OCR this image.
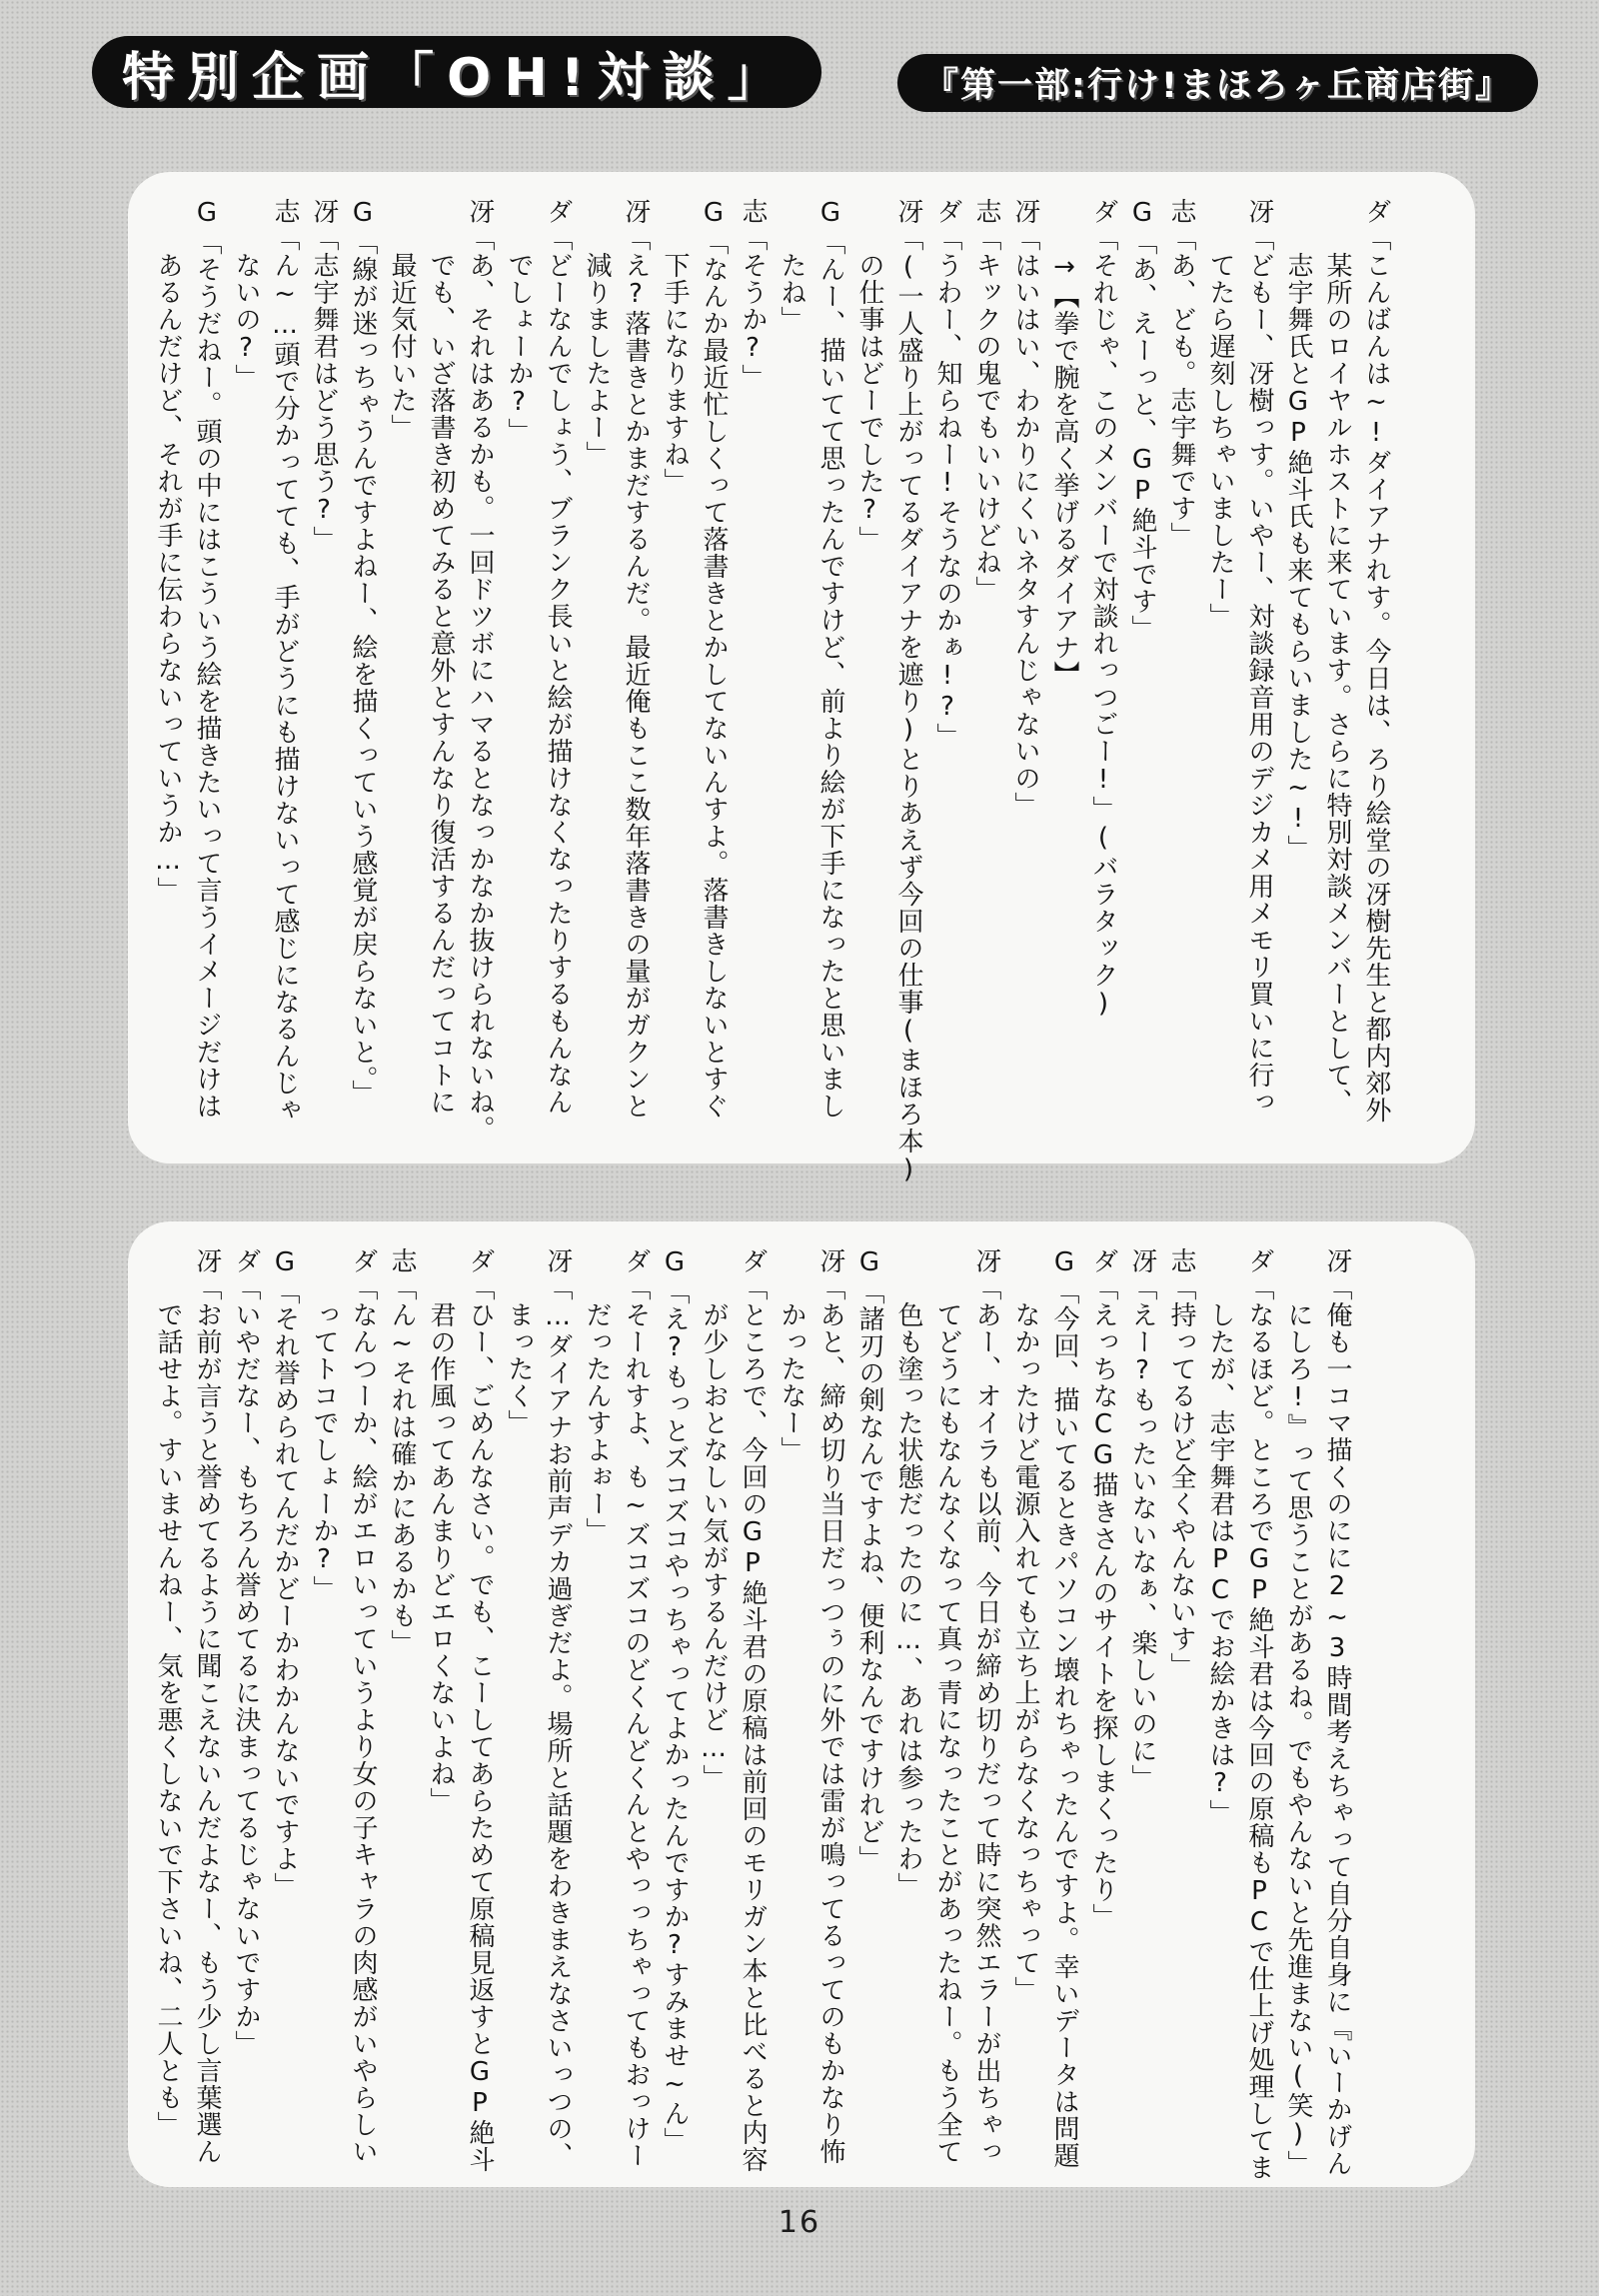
特別企画「OH!対談」	『第一部:行け!まほろヶ丘商店街』
ダ「こんばんは~!ダイアナれす。今日は、ろり絵堂の冴樹先生と都内郊外
某所のロイヤルホストに来ています。さらに特別対談メンバーとして、
志宇舞氏とGP絶斗氏も来てもらいました~!」
冴「どもー、冴樹っす。いやー、対談録音用のデジカメ用メモリ買いに行っ
てたら遅刻しちゃいましたー」
志「あ、ども。志宇舞です」
G「あ、えーっと、GP絶斗です」
ダ「それじゃ、このメンバーで対談れっつごー!」(バラタック)
→【拳で腕を高く挙げるダイアナ】
冴「はいはい、わかりにくいネタすんじゃないの」
志「キックの鬼でもいいけどね」
ダ「うわー、知らねー!そうなのかぁ!?」
冴「(一人盛り上がってるダイアナを遮り)とりあえず今回の仕事(まほろ本)
の仕事はどーでした?」
G「んー、描いてて思ったんですけど、前より絵が下手になったと思いまし
たね」
志「そうか?」
G「なんか最近忙しくって落書きとかしてないんすよ。落書きしないとすぐ
下手になりますね」
冴「え?落書きとかまだするんだ。最近俺もここ数年落書きの量がガクンと
減りましたよー」
ダ「どーなんでしょう、ブランク長いと絵が描けなくなったりするもんなん
でしょーか?」
冴「あ、それはあるかも。一回ドツボにハマるとなっかなか抜けられないね。
でも、いざ落書き初めてみると意外とすんなり復活するんだってコトに
最近気付いた」
G「線が迷っちゃうんですよねー、絵を描くっていう感覚が戻らないと。」
冴「志宇舞君はどう思う?」
志「ん~…頭で分かってても、手がどうにも描けないって感じになるんじゃ
ないの?」
G「そうだねー。頭の中にはこういう絵を描きたいって言うイメージだけは
あるんだけど、それが手に伝わらないっていうか…」
冴「俺も一コマ描くのにに2~3時間考えちゃって自分自身に『いーかげん
にしろ!』って思うことがあるね。でもやんないと先進まない(笑)」
ダ「なるほど。ところでGP絶斗君は今回の原稿もPCで仕上げ処理してま
したが、志宇舞君はPCでお絵かきは?」
志「持ってるけど全くやんないす」
冴「えー?もったいないなぁ、楽しいのに」
ダ「えっちなCG描きさんのサイトを探しまくったり」
G「今回、描いてるときパソコン壊れちゃったんですよ。幸いデータは問題
なかったけど電源入れても立ち上がらなくなっちゃって」
冴「あー、オイラも以前、今日が締め切りだって時に突然エラーが出ちゃっ
てどうにもなんなくなって真っ青になったことがあったねー。もう全て
色も塗った状態だったのに…、あれは参ったわ」
G「諸刃の剣なんですよね、便利なんですけれど」
冴「あと、締め切り当日だっつぅのに外では雷が鳴ってるってのもかなり怖
かったなー」
ダ「ところで、今回のGP絶斗君の原稿は前回のモリガン本と比べると内容
が少しおとなしい気がするんだけど…」
G「え?もっとズコズコやっちゃってよかったんですか?すみませ~ん」
ダ「そーれすよ、も~ズコズコのどくんどくんとやっっちゃってもおっけー
だったんすよぉー」
冴「…ダイアナお前声デカ過ぎだよ。場所と話題をわきまえなさいっつの、
まったく」
ダ「ひー、ごめんなさい。でも、こーしてあらためて原稿見返すとGP絶斗
君の作風ってあんまりどエロくないよね」
志「ん~それは確かにあるかも」
ダ「なんつーか、絵がエロいっていうより女の子キャラの肉感がいやらしい
ってトコでしょーか?」
G「それ誉められてんだかどーかわかんないですよ」
ダ「いやだなー、もちろん誉めてるに決まってるじゃないですか」
冴「お前が言うと誉めてるように聞こえないんだよなー、もう少し言葉選ん
で話せよ。すいませんねー、気を悪くしないで下さいね、二人とも」
16
